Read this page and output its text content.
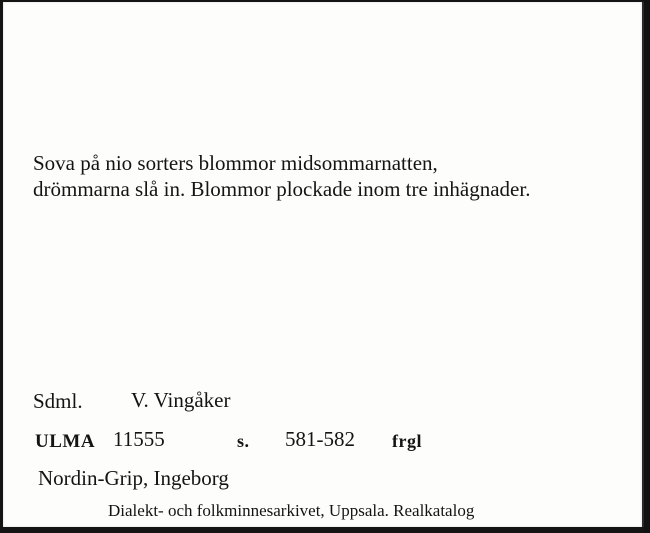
Sova på nio sorters blommor midsommarnatten,
drömmarna slå in. Blommor plockade inom tre inhägnader.
Sdml. V. Vingåker
ULMA 11555	s. 581-582 frgl
Nordin-Grip, Ingeborg
Dialekt- och folkminnesarkivet, Uppsala. Realkatalog
